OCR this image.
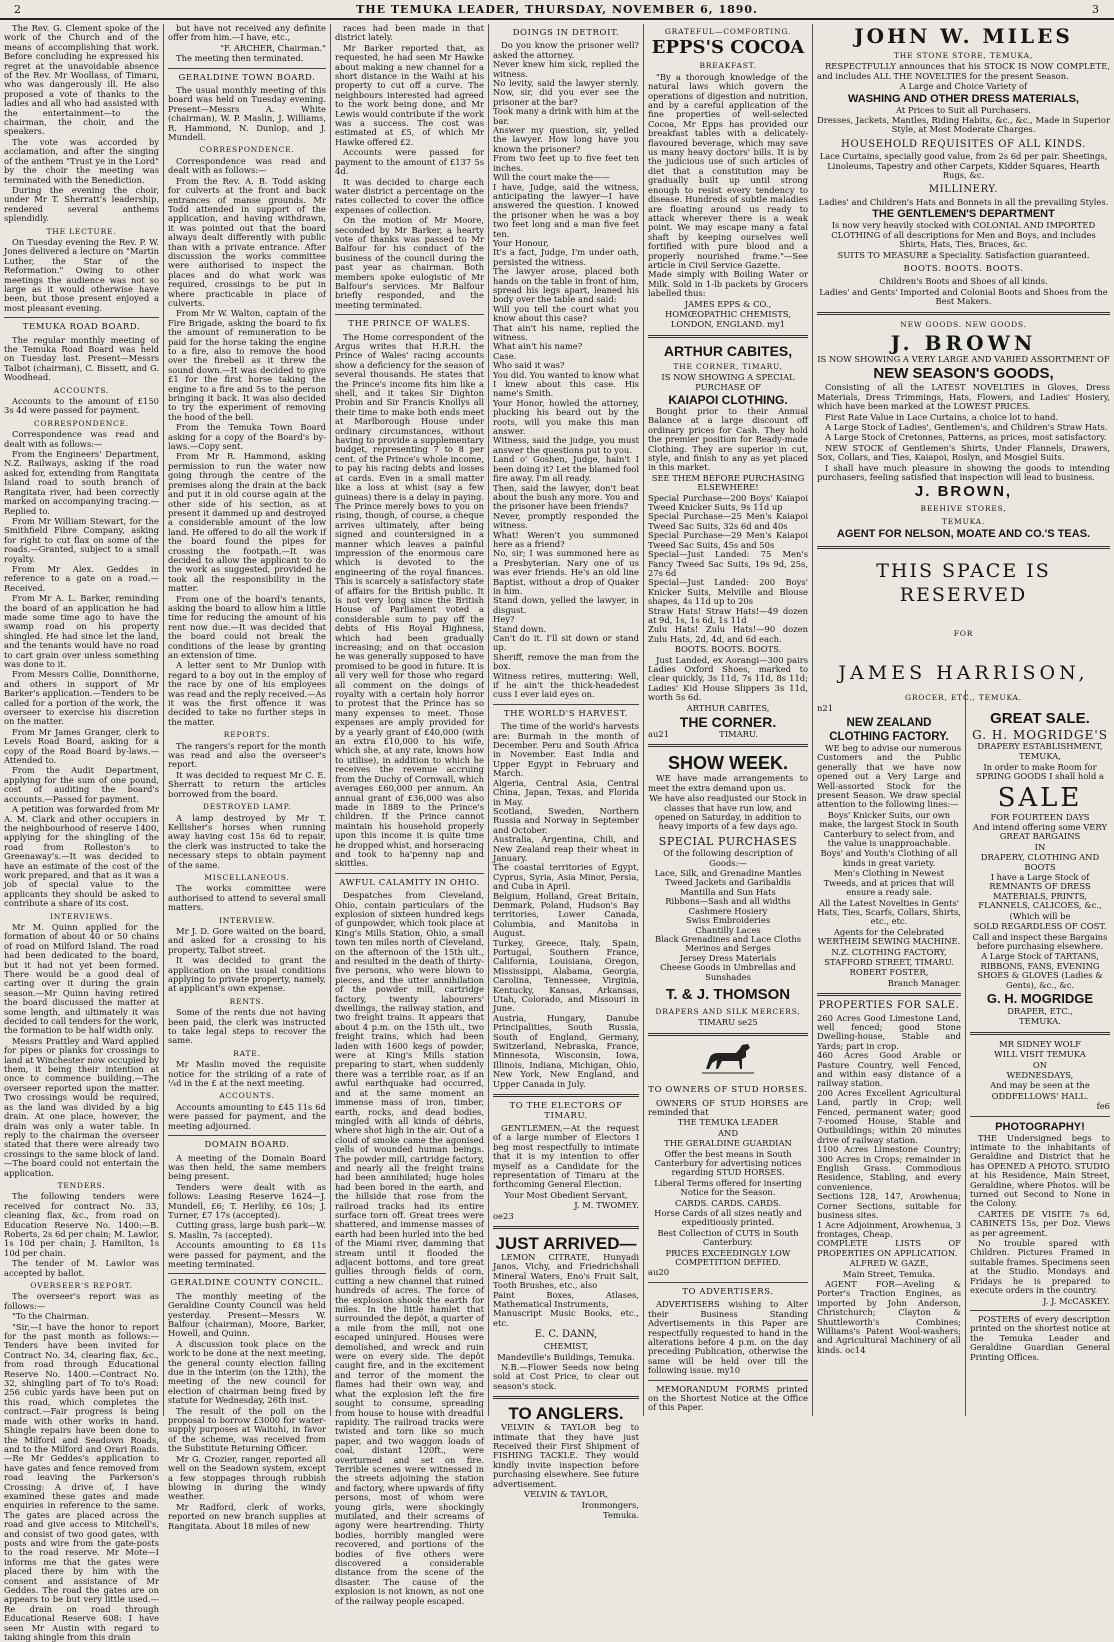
2	THE TEMUKA LEADER, THURSDAY, NOVEMBER 6, 1890.	3

The Rev. G. Clement spoke of the work of the Church and of the means of accomplishing that work. Before concluding he expressed his regret at the unavoidable absence of the Rev. Mr Woollass, of Timaru, who was dangerously ill. He also proposed a vote of thanks to the ladies and all who had assisted with the entertainment—to the chairman, the choir, and the speakers.

The vote was accorded by acclamation, and after the singing of the anthem "Trust ye in the Lord" by the choir the meeting was terminated with the Benediction.

During the evening the choir, under Mr T. Sherratt's leadership, rendered several anthems splendidly.

THE LECTURE.

On Tuesday evening the Rev. P. W. Jones delivered a lecture on "Martin Luther, the Star of the Reformation." Owing to other meetings the audience was not so large as it would otherwise have been, but those present enjoyed a most pleasant evening.

TEMUKA ROAD BOARD.

The regular monthly meeting of the Temuka Road Board was held on Tuesday last. Present—Messrs Talbot (chairman), C. Bissett, and G. Woodhead.

ACCOUNTS.

Accounts to the amount of £150 3s 4d were passed for payment.

CORRESPONDENCE.

Correspondence was read and dealt with as follows:—

From the Engineers' Department, N.Z. Railways, asking if the road asked for, extending from Rangitata Island road to south branch of Rangitata river, had been correctly marked on accompanying tracing.—Replied to.

From Mr William Stewart, for the Smithfield Fibre Company, asking for right to cut flax on some of the roads.—Granted, subject to a small royalty.

From Mr Alex. Geddes in reference to a gate on a road.—Received.

From Mr A. L. Barker, reminding the board of an application he had made some time ago to have the swamp road on his property shingled. He had since let the land, and the tenants would have no road to cart grain over unless something was done to it.

From Messrs Collie, Donnithorne, and others in support of Mr Barker's application.—Tenders to be called for a portion of the work, the overseer to exercise his discretion on the matter.

From Mr James Granger, clerk to Levels Road Board, asking for a copy of the Road Board by-laws.—Attended to.

From the Audit Department, applying for the sum of one pound, cost of auditing the board's accounts.—Passed for payment.

A petition was forwarded from Mr A. M. Clark and other occupiers in the neighbourhood of reserve 1400, applying for the shingling of the road from Rolleston's to Greenaway's.—It was decided to have an estimate of the cost of the work prepared, and that as it was a job of special value to the applicants they should be asked to contribute a share of its cost.

INTERVIEWS.

Mr M. Quinn applied for the formation of about 40 or 50 chains of road on Milford Island. The road had been dedicated to the board, but it had not yet been formed. There would be a good deal of carting over it during the grain season.—Mr Quinn having retired the board discussed the matter at some length, and ultimately it was decided to call tenders for the work, the formation to be half width only.

Messrs Prattley and Ward applied for pipes or planks for crossings to land at Winchester now occupied by them, it being their intention at once to commence building.—The overseer reported upon the matter. Two crossings would be required, as the land was divided by a big drain. At one place, however, the drain was only a water table. In reply to the chairman the overseer stated that there were already two crossings to the same block of land.—The board could not entertain the application.

TENDERS.

The following tenders were received for contract No. 33, cleaning flax, &c., from road on Education Reserve No. 1400:—B. Roberts, 2s 6d per chain; M. Lawlor, 1s 10d per chain; J. Hamilton, 1s 10d per chain.

The tender of M. Lawlor was accepted by ballot.

OVERSEER'S REPORT.

The overseer's report was as follows:—

"To the Chairman.

"Sir,—I have the honor to report for the past month as follows:—Tenders have been invited for Contract No. 34, clearing flax, &c., from road through Educational Reserve No. 1400.—Contract No. 32, shingling part of To to's Road: 256 cubic yards have been put on this road, which completes the contract.—Fair progress is being made with other works in hand. Shingle repairs have been done to the Milford and Seadown Roads, and to the Milford and Orari Roads.—Re Mr Geddes's application to have gates and fence removed from road leaving the Parkerson's Crossing: A drive of, I have examined these gates and made enquiries in reference to the same. The gates are placed across the road and give access to Mitchell's, and consist of two good gates, with posts and wire from the gate-posts to the road reserve. Mr Mote—I informs me that the gates were placed there by him with the consent and assistance of Mr Geddes. The road the gates are on appears to be but very little used.—Re drain on road through Educational Reserve 608: I have seen Mr Austin with regard to taking shingle from this drain

but have not received any definite offer from him.—I have, etc.,

"F. ARCHER, Chairman."

The meeting then terminated.

GERALDINE TOWN BOARD.

The usual monthly meeting of this board was held on Tuesday evening. Present—Messrs A. White (chairman), W. P. Maslin, J. Williams, R. Hammond, N. Dunlop, and J. Mundell.

CORRESPONDENCE.

Correspondence was read and dealt with as follows:—

From the Rev. A. B. Todd asking for culverts at the front and back entrances of manse grounds. Mr Todd attended in support of the application, and having withdrawn, it was pointed out that the board always dealt differently with public than with a private entrance. After discussion the works committee were authorised to inspect the places and do what work was required, crossings to be put in where practicable in place of culverts.

From Mr W. Walton, captain of the Fire Brigade, asking the board to fix the amount of remuneration to be paid for the horse taking the engine to a fire, also to remove the hood over the firebell as it threw the sound down.—It was decided to give £1 for the first horse taking the engine to a fire and 5s to the person bringing it back. It was also decided to try the experiment of removing the hood of the bell.

From the Temuka Town Board asking for a copy of the Board's by-laws.—Copy sent.

From Mr R. Hammond, asking permission to run the water now going through the centre of the premises along the drain at the back and put it in old course again at the other side of his section, as at present it dammed up and destroyed a considerable amount of the low land. He offered to do all the work if the board found the pipes for crossing the footpath.—It was decided to allow the applicant to do the work as suggested, provided he took all the responsibility in the matter.

From one of the board's tenants, asking the board to allow him a little time for reducing the amount of his rent now due.—It was decided that the board could not break the conditions of the lease by granting an extension of time.

A letter sent to Mr Dunlop with regard to a boy out in the employ of the race by one of his employees was read and the reply received.—As it was the first offence it was decided to take no further steps in the matter.

REPORTS.

The rangers's report for the month was read and also the overseer's report.

It was decided to request Mr C. E. Sherratt to return the articles borrowed from the board.

DESTROYED LAMP.

A lamp destroyed by Mr T. Kellisher's horses when running away having cost 15s 6d to repair, the clerk was instructed to take the necessary steps to obtain payment of the same.

MISCELLANEOUS.

The works committee were authorised to attend to several small matters.

INTERVIEW.

Mr J. D. Gore waited on the board, and asked for a crossing to his property, Talbot street.

It was decided to grant the application on the usual conditions applying to private property, namely, at applicant's own expense.

RENTS.

Some of the rents due not having been paid, the clerk was instructed to take legal steps to recover the same.

RATE.

Mr Maslin moved the requisite notice for the striking of a rate of ¼d in the £ at the next meeting.

ACCOUNTS.

Accounts amounting to £45 11s 6d were passed for payment, and the meeting adjourned.

DOMAIN BOARD.

A meeting of the Domain Board was then held, the same members being present.

Tenders were dealt with as follows: Leasing Reserve 1624—J. Mundell, £6; T. Herlihy, £6 10s; J. Turner, £7 17s (accepted).

Cutting grass, large bush park—W. S. Maslin, 7s (accepted).

Accounts amounting to £8 11s were passed for payment, and the meeting terminated.

GERALDINE COUNTY CONCIL.

The monthly meeting of the Geraldine County Council was held yesterday. Present—Messrs W. Balfour (chairman), Moore, Barker, Howell, and Quinn.

A discussion took place on the work to be done at the next meeting, the general county election falling due in the interim (on the 12th), the meeting of the new council for election of chairman being fixed by statute for Wednesday, 26th inst.

The result of the poll on the proposal to borrow £3000 for water-supply purposes at Waitohi, in favor of the scheme, was received from the Substitute Returning Officer.

Mr G. Crozier, ranger, reported all well on the Seadown system, except a few stoppages through rubbish blowing in during the windy weather.

Mr Radford, clerk of works, reported on new branch supplies at Rangitata. About 18 miles of new

races had been made in that district lately.

Mr Barker reported that, as requested, he had seen Mr Hawke about making a new channel for a short distance in the Waihi at his property to cut off a curve. The neighbours interested had agreed to the work being done, and Mr Lewis would contribute if the work was a success. The cost was estimated at £5, of which Mr Hawke offered £2.

Accounts were passed for payment to the amount of £137 5s 4d.

It was decided to charge each water district a percentage on the rates collected to cover the office expenses of collection.

On the motion of Mr Moore, seconded by Mr Barker, a hearty vote of thanks was passed to Mr Balfour for his conduct of the business of the council during the past year as chairman. Both members spoke eulogistic of Mr Balfour's services. Mr Balfour briefly responded, and the meeting terminated.

THE PRINCE OF WALES.

The Home correspondent of the Argus writes that H.R.H. the Prince of Wales' racing accounts show a deficiency for the season of several thousands. He states that the Prince's income fits him like a shell, and it takes Sir Dighton Probin and Sir Francis Knollys all their time to make both ends meet at Marlborough House under ordinary circumstances, without having to provide a supplementary budget, representing 7 to 8 per cent. of the Prince's whole income, to pay his racing debts and losses at cards. Even in a small matter like a loss at whist (say a few guineas) there is a delay in paying. The Prince merely bows to you on rising, though, of course, a cheque arrives ultimately, after being signed and countersigned in a manner which leaves a painful impression of the enormous care which is devoted to the engineering of the royal finances. This is scarcely a satisfactory state of affairs for the British public. It is not very long since the British House of Parliament voted a considerable sum to pay off the debts of His Royal Highness, which had been gradually increasing; and on that occasion he was generally supposed to have promised to be good in future. It is all very well for those who regard all comment on the doings of royalty with a certain holy horror to protest that the Prince has so many expenses to meet. Those expenses are amply provided for by a yearly grant of £40,000 (with an extra £10,000 to his wife, which she, at any rate, knows how to utilise), in addition to which he receives the revenue accruing from the Duchy of Cornwall, which averages £60,000 per annum. An annual grant of £36,000 was also made in 1889 to the Prince's children. If the Prince cannot maintain his household properly upon this income it is quite time he dropped whist, and horseracing and took to ha'penny nap and skittles.

AWFUL CALAMITY IN OHIO.

Despatches from Cleveland, Ohio, contain particulars of the explosion of sixteen hundred kegs of gunpowder, which took place at King's Mills Station, Ohio, a small town ten miles north of Cleveland, on the afternoon of the 15th ult., and resulted in the death of thirty-five persons, who were blown to pieces, and the utter annihilation of the powder mill, cartridge factory, twenty labourers' dwellings, the railway station, and two freight trains. It appears that about 4 p.m. on the 15th ult., two freight trains, which had been laden with 1600 kegs of powder, were at King's Mills station preparing to start, when suddenly there was a terrible roar, as if an awful earthquake had occurred, and at the same moment an immense mass of iron, timber, earth, rocks, and dead bodies, mingled with all kinds of débris, where shot high in the air. Out of a cloud of smoke came the agonised yells of wounded human beings. The powder mill, cartridge factory, and nearly all the freight trains had been annihilated; huge holes had been bored in the earth, and the hillside that rose from the railroad tracks had its entire surface torn off. Great trees were shattered, and immense masses of earth had been hurled into the bed of the Miami river, damming that stream until it flooded the adjacent bottoms, and tore great gullies through fields of corn, cutting a new channel that ruined hundreds of acres. The force of the explosion shook the earth for miles. In the little hamlet that surrounded the depôt, a quarter of a mile from the mill, not one escaped uninjured. Houses were demolished, and wreck and ruin were on every side. The depôt caught fire, and in the excitement and terror of the moment the flames had their own way, and what the explosion left the fire sought to consume, spreading from house to house with dreadful rapidity. The railroad tracks were twisted and torn like so much paper, and two waggon loads of coal, distant 120ft., were overturned and set on fire. Terrible scenes were witnessed in the streets adjoining the station and factory, where upwards of fifty persons, most of whom were young girls, were shockingly mutilated, and their screams of agony were heartrending. Thirty bodies, horribly mangled were recovered, and portions of the bodies of five others were discovered a considerable distance from the scene of the disaster. The cause of the explosion is not known, as not one of the railway people escaped.

DOINGS IN DETROIT.

Do you know the prisoner well? asked the attorney.
Never knew him sick, replied the witness.
No levity, said the lawyer sternly. Now, sir, did you ever see the prisoner at the bar?
Took many a drink with him at the bar.
Answer my question, sir, yelled the lawyer. How long have you known the prisoner?
From two feet up to five feet ten inches.
Will the court make the——
I have, Judge, said the witness, anticipating the lawyer—I have answered the question. I knowed the prisoner when he was a boy two feet long and a man five feet ten.
Your Honour,
It's a fact, Judge, I'm under oath, persisted the witness.
The lawyer arose, placed both hands on the table in front of him, spread his legs apart, leaned his body over the table and said:
Will you tell the court what you know about this case?
That ain't his name, replied the witness.
What ain't his name?
Case.
Who said it was?
You did. You wanted to know what I knew about this case. His name's Smith.
Your Honor, howled the attorney, plucking his beard out by the roots, will you make this man answer.
Witness, said the judge, you must answer the questions put to you.
Land o' Goshen, Judge, hain't I been doing it? Let the blamed fool fire away. I'm all ready.
Then, said the lawyer, don't beat about the bush any more. You and the prisoner have been friends?
Never, promptly responded the witness.
What! Weren't you summoned here as a friend?
No, sir; I was summoned here as a Presbyterian. Nary one of us was ever friends. He's an old line Baptist, without a drop of Quaker in him.
Stand down, yelled the lawyer, in disgust.
Hey?
Stand down.
Can't do it. I'll sit down or stand up.
Sheriff, remove the man from the box.
Witness retires, muttering: Well, if he ain't the thick-headedest cuss I ever laid eyes on.

THE WORLD'S HARVEST.

The time of the world's harvests are: Burmah in the month of December. Peru and South Africa in November. East India and Upper Egypt in February and March.
Algeria, Central Asia, Central China, Japan, Texas, and Florida in May.
Scotland, Sweden, Northern Russia and Norway in September and October.
Australia, Argentina, Chili, and New Zealand reap their wheat in January.
The coastal territories of Egypt, Cyprus, Syria, Asia Minor, Persia, and Cuba in April.
Belgium, Holland, Great Britain, Denmark, Poland, Hudson's Bay territories, Lower Canada, Columbia, and Manitoba in August.
Turkey, Greece, Italy, Spain, Portugal, Southern France, California, Louisiana, Oregon, Mississippi, Alabama, Georgia, Carolina, Tennessee, Virginia, Kentucky, Kansas, Arkansas, Utah, Colorado, and Missouri in June.
Austria, Hungary, Danube Principalities, South Russia, South of England, Germany, Switzerland, Nebraska, France, Minnesota, Wisconsin, Iowa, Illinois, Indiana, Michigan, Ohio, New York, New England, and Upper Canada in July.

TO THE ELECTORS OF TIMARU.

GENTLEMEN,—At the request of a large number of Electors I beg most respectfully to intimate that it is my intention to offer myself as a Candidate for the representation of Timaru at the forthcoming General Election.

Your Most Obedient Servant,

J. M. TWOMEY.

oe23

JUST ARRIVED—

LEMON CITRATE, Hunyadi Janos, Vichy, and Friedrichshall Mineral Waters, Eno's Fruit Salt, Tooth Brushes, etc., also
Paint Boxes, Atlases, Mathematical Instruments,
Manuscript Music Books, etc., etc.

E. C. DANN,

CHEMIST,

Mandeville's Buildings, Temuka.

N.B.—Flower Seeds now being sold at Cost Price, to clear out season's stock.

TO ANGLERS.

VELVIN & TAYLOR beg to intimate that they have just Received their First Shipment of FISHING TACKLE. They would kindly invite inspection before purchasing elsewhere. See future advertisement.

VELVIN & TAYLOR,

Ironmongers,

Temuka.

GRATEFUL—COMFORTING.
EPPS'S COCOA
BREAKFAST.

"By a thorough knowledge of the natural laws which govern the operations of digestion and nutrition, and by a careful application of the fine properties of well-selected Cocoa, Mr Epps has provided our breakfast tables with a delicately-flavoured beverage, which may save us many heavy doctors' bills. It is by the judicious use of such articles of diet that a constitution may be gradually built up until strong enough to resist every tendency to disease. Hundreds of subtle maladies are floating around us ready to attack wherever there is a weak point. We may escape many a fatal shaft by keeping ourselves well fortified with pure blood and a properly nourished frame."—See article in Civil Service Gazette.
Made simply with Boiling Water or Milk. Sold in 1-lb packets by Grocers labelled thus:

JAMES EPPS & CO.,

HOMŒOPATHIC CHEMISTS,

LONDON, ENGLAND. my1

ARTHUR CABITES,
THE CORNER, TIMARU,

IS NOW SHOWING A SPECIAL PURCHASE OF

KAIAPOI CLOTHING.

Bought prior to their Annual Balance at a large discount off ordinary prices for Cash. They hold the premier position for Ready-made Clothing. They are superior in cut, style, and finish to any as yet placed in this market.

SEE THEM BEFORE PURCHASING ELSEWHERE!

Special Purchase—200 Boys' Kaiapoi Tweed Knicker Suits, 9s 11d up
Special Purchase—25 Men's Kaiapoi Tweed Sac Suits, 32s 6d and 40s
Special Purchase—29 Men's Kaiapoi Tweed Sac Suits, 45s and 50s
Special—Just Landed: 75 Men's Fancy Tweed Sac Suits, 19s 9d, 25s, 27s 6d
Special—Just Landed: 200 Boys' Knicker Suits, Melville and Blouse shapes, 4s 11d up to 20s
Straw Hats! Straw Hats!—49 dozen at 9d, 1s, 1s 6d, 1s 11d
Zulu Hats! Zulu Hats!—90 dozen Zulu Hats, 2d, 4d, and 6d each.

BOOTS. BOOTS. BOOTS.

Just Landed, ex Aorangi—300 pairs Ladies Oxford Shoes, marked to clear quickly, 3s 11d, 7s 11d, 8s 11d; Ladies' Kid House Slippers 3s 11d, worth 5s 6d.

ARTHUR CABITES,

THE CORNER.

au21	TIMARU.

SHOW WEEK.

WE have made arrangements to meet the extra demand upon us.

We have also readjusted our Stock in classes that have run low, and opened on Saturday, in addition to heavy imports of a few days ago.

SPECIAL PURCHASES

Of the following description of Goods:—

Lace, Silk, and Grenadine Mantles
Tweed Jackets and Garibaldis
Mantilla and Sun Hats
Ribbons—Sash and all widths
Cashmere Hosiery
Swiss Embroideries
Chantilly Laces
Black Grenadines and Lace Cloths
Merinos and Serges
Jersey Dress Materials
Cheese Goods in Umbrellas and Sunshades

T. & J. THOMSON
DRAPERS AND SILK MERCERS,

TIMARU se25

TO OWNERS OF STUD HORSES.

OWNERS OF STUD HORSES are reminded that

THE TEMUKA LEADER

AND

THE GERALDINE GUARDIAN

Offer the best means in South Canterbury for advertising notices regarding STUD HORSES.

Liberal Terms offered for inserting Notice for the Season.

CARDS. CARDS. CARDS.

Horse Cards of all sizes neatly and expeditiously printed.

Best Collection of CUTS in South Canterbury.

PRICES EXCEEDINGLY LOW COMPETITION DEFIED.

au20

TO ADVERTISERS.

ADVERTISERS wishing to Alter their Business Standing Advertisements in this Paper are respectfully requested to hand in the alterations before 4 p.m. on the day preceding Publication, otherwise the same will be held over till the following issue. my10

MEMORANDUM FORMS printed on the Shortest Notice at the Office of this Paper.

JOHN W. MILES
THE STONE STORE, TEMUKA,

RESPECTFULLY announces that his STOCK IS NOW COMPLETE, and includes ALL THE NOVELTIES for the present Season.

A Large and Choice Variety of

WASHING AND OTHER DRESS MATERIALS,

At Prices to Suit all Purchasers.

Dresses, Jackets, Mantles, Riding Habits, &c., &c., Made in Superior Style, at Most Moderate Charges.

HOUSEHOLD REQUISITES OF ALL KINDS.

Lace Curtains, specially good value, from 2s 6d per pair. Sheetings, Linoleums, Tapestry and other Carpets, Kidder Squares, Hearth Rugs, &c.

MILLINERY.

Ladies' and Children's Hats and Bonnets in all the prevailing Styles.

THE GENTLEMEN'S DEPARTMENT

Is now very heavily stocked with COLONIAL AND IMPORTED CLOTHING of all descriptions for Men and Boys, and includes Shirts, Hats, Ties, Braces, &c.

SUITS TO MEASURE a Speciality. Satisfaction guaranteed.

BOOTS. BOOTS. BOOTS.

Children's Boots and Shoes of all kinds.

Ladies' and Gents' Imported and Colonial Boots and Shoes from the Best Makers.

NEW GOODS. NEW GOODS.
J. BROWN

IS NOW SHOWING A VERY LARGE AND VARIED ASSORTMENT OF

NEW SEASON'S GOODS,

Consisting of all the LATEST NOVELTIES in Gloves, Dress Materials, Dress Trimmings, Hats, Flowers, and Ladies' Hosiery, which have been marked at the LOWEST PRICES.

First Rate Value in Lace Curtains, a choice lot to hand.

A Large Stock of Ladies', Gentlemen's, and Children's Straw Hats.

A Large Stock of Cretonnes, Patterns, as prices, most satisfactory.

NEW STOCK of Gentlemen's Shirts, Under Flannels, Drawers, Sox, Collars, and Ties, Kaiapoi, Roslyn, and Mosgiel Suits.

I shall have much pleasure in showing the goods to intending purchasers, feeling satisfied that inspection will lead to business.

J. BROWN,
BEEHIVE STORES,
TEMUKA.
AGENT FOR NELSON, MOATE AND CO.'S TEAS.
THIS SPACE IS RESERVED
FOR
JAMES HARRISON,
GROCER, ETC., TEMUKA.

n21

NEW ZEALAND CLOTHING FACTORY.

WE beg to advise our numerous Customers and the Public generally that we have now opened out a Very Large and Well-assorted Stock for the present Season. We draw special attention to the following lines:—

Boys' Knicker Suits, our own make, the largest Stock in South Canterbury to select from, and the value is unapproachable.

Boys' and Youth's Clothing of all kinds in great variety.

Men's Clothing in Newest Tweeds, and at prices that will ensure a ready sale.

All the Latest Novelties in Gents' Hats, Ties, Scarfs, Collars, Shirts, etc., etc.

Agents for the Celebrated WERTHEIM SEWING MACHINE.

N.Z. CLOTHING FACTORY,

STAFFORD STREET, TIMARU.

ROBERT FOSTER,

Branch Manager.

PROPERTIES FOR SALE.

260 Acres Good Limestone Land, well fenced; good Stone Dwelling-house, Stable and Yards; part in crop.
460 Acres Good Arable or Pasture Country, well Fenced, and within easy distance of a railway station.
200 Acres Excellent Agricultural Land, partly in Crop; well Fenced, permanent water; good 7-roomed House, Stable and Outbuildings; within 20 minutes drive of railway station.
1100 Acres Limestone Country; 300 Acres in Crops; remainder in English Grass. Commodious Residence, Stabling, and every convenience.
Sections 128, 147, Arowhenua; Corner Sections, suitable for business sites.
1 Acre Adjoinment, Arowhenua, 3 frontages, Cheap.
COMPLETE LISTS OF PROPERTIES ON APPLICATION.

ALFRED W. GAZE,

Main Street, Temuka.

AGENT FOR—Aveling & Porter's Traction Engines, as imported by John Anderson, Christchurch; Clayton & Shuttleworth's Combines; Williams's Patent Wool-washers; and Agricultural Machinery of all kinds. oc14

GREAT SALE.
G. H. MOGRIDGE'S

DRAPERY ESTABLISHMENT,

TEMUKA,

In order to make Room for SPRING GOODS I shall hold a

SALE

FOR FOURTEEN DAYS

And intend offering some VERY GREAT BARGAINS

IN

DRAPERY, CLOTHING AND BOOTS

I have a Large Stock of REMNANTS OF DRESS MATERIALS, PRINTS, FLANNELS, CALICOES, &c.,

(Which will be

SOLD REGARDLESS OF COST.

Call and inspect these Bargains before purchasing elsewhere.

A Large Stock of TARTANS, RIBBONS, FANS, EVENING SHOES & GLOVES (Ladies & Gents), &c., &c.

G. H. MOGRIDGE

DRAPER, ETC.,

TEMUKA.

MR SIDNEY WOLF

WILL VISIT TEMUKA

ON

WEDNESDAYS,

And may be seen at the

ODDFELLOWS' HALL.

fe6

PHOTOGRAPHY!

THE Undersigned begs to intimate to the inhabitants of Geraldine and District that he has OPENED A PHOTO. STUDIO at his Residence, Main Street, Geraldine, where Photos. will be turned out Second to None in the Colony.

CARTES DE VISITE 7s 6d, CABINETS 15s, per Doz. Views as per agreement.

No trouble spared with Children. Pictures Framed in suitable frames. Specimens seen at the Studio. Mondays and Fridays he is prepared to execute orders in the country.

J. J. McCASKEY.

POSTERS of every description printed on the shortest notice at the Temuka Leader and Geraldine Guardian General Printing Offices.
